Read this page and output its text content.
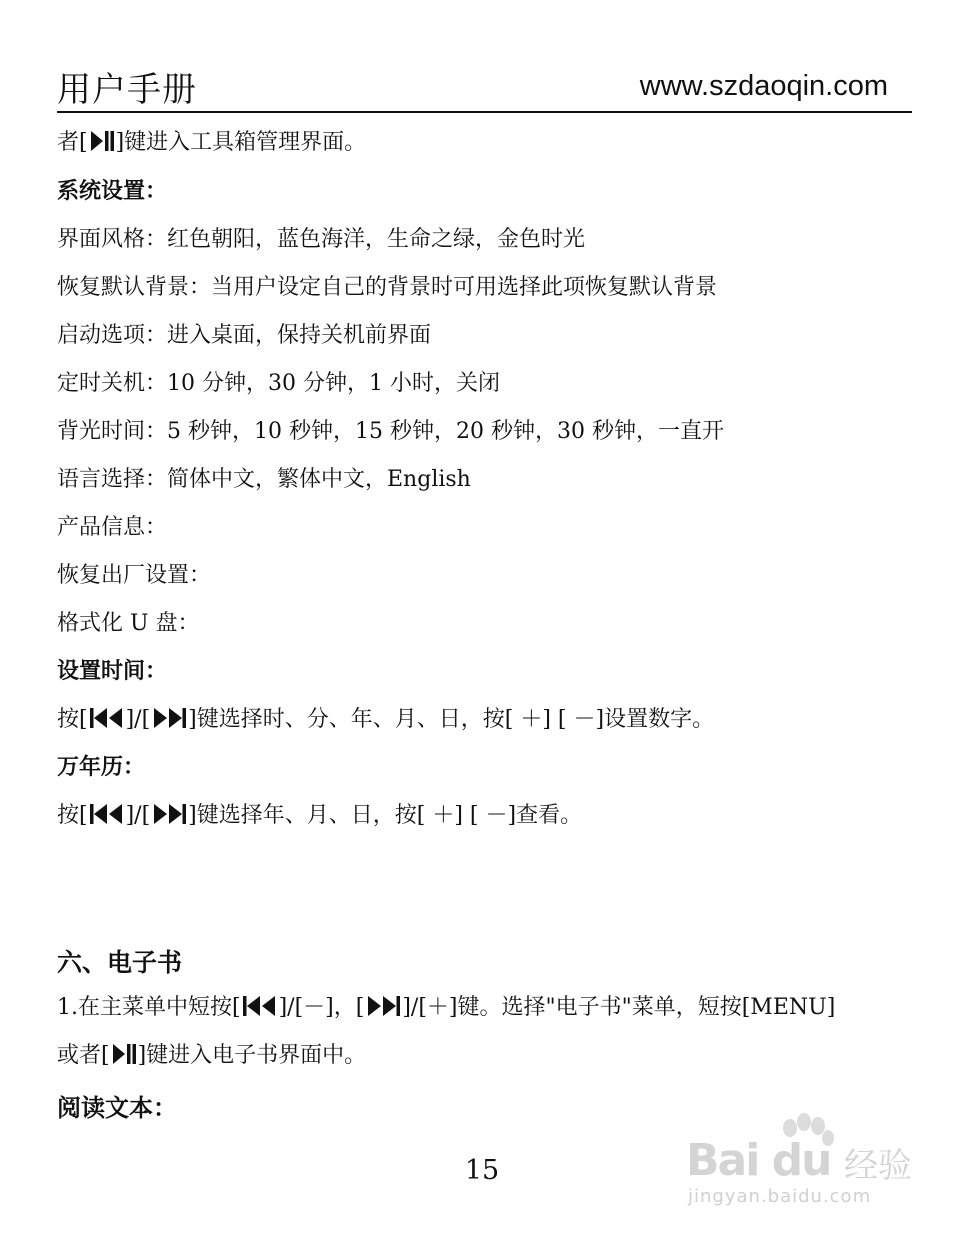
用户手册	www.szdaoqin.com
者[ ]键进入工具箱管理界面。
系统设置：
界面风格：红色朝阳，蓝色海洋，生命之绿，金色时光
恢复默认背景：当用户设定自己的背景时可用选择此项恢复默认背景
启动选项：进入桌面，保持关机前界面
定时关机：10 分钟，30 分钟，1 小时，关闭
背光时间：5 秒钟，10 秒钟，15 秒钟，20 秒钟，30 秒钟，一直开
语言选择：简体中文，繁体中文，English
产品信息：
恢复出厂设置：
格式化 U 盘：
设置时间：
按[ ]/[ ]键选择时、分、年、月、日，按[ ＋] [ －]设置数字。
万年历：
按[ ]/[ ]键选择年、月、日，按[ ＋] [ －]查看。
六、电子书
1.在主菜单中短按[ ]/[－]，[ ]/[＋]键。选择"电子书"菜单，短按[MENU]
或者[ ]键进入电子书界面中。
阅读文本：
15	Bai du 经验
jingyan.baidu.com
